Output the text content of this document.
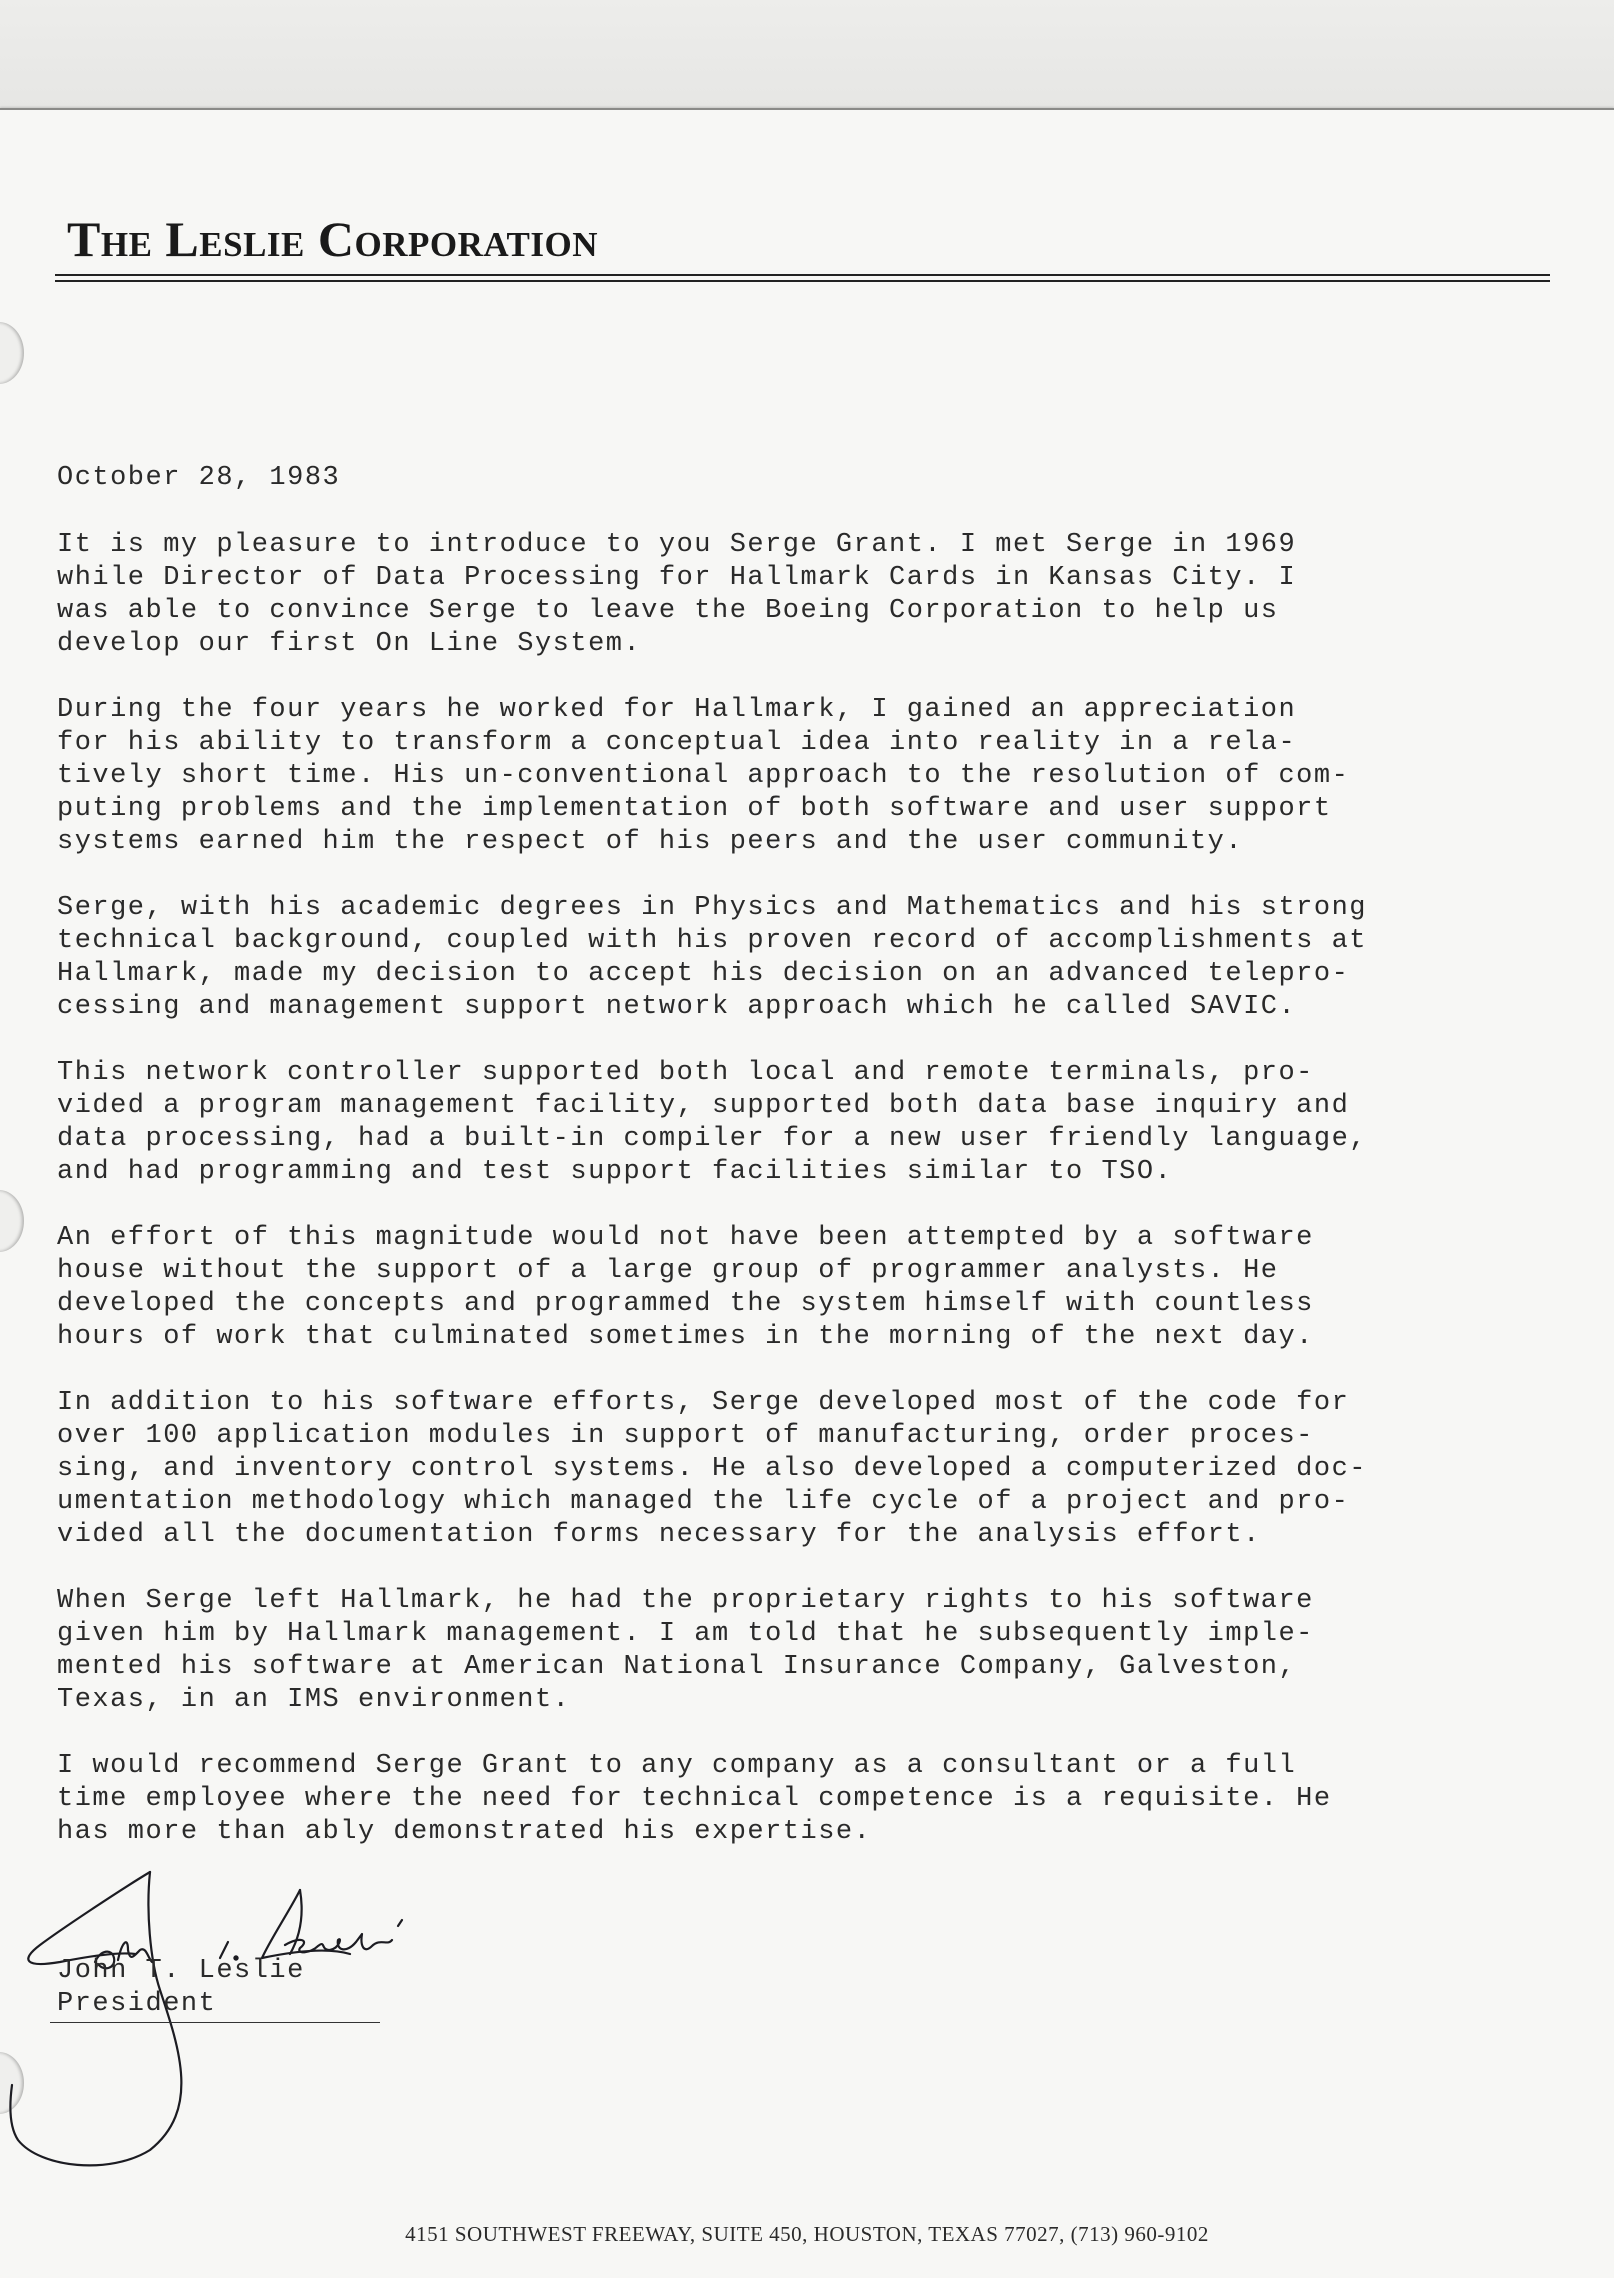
The Leslie Corporation

October 28, 1983

It is my pleasure to introduce to you Serge Grant. I met Serge in 1969
while Director of Data Processing for Hallmark Cards in Kansas City. I
was able to convince Serge to leave the Boeing Corporation to help us
develop our first On Line System.

During the four years he worked for Hallmark, I gained an appreciation
for his ability to transform a conceptual idea into reality in a rela-
tively short time. His un-conventional approach to the resolution of com-
puting problems and the implementation of both software and user support
systems earned him the respect of his peers and the user community.

Serge, with his academic degrees in Physics and Mathematics and his strong
technical background, coupled with his proven record of accomplishments at
Hallmark, made my decision to accept his decision on an advanced telepro-
cessing and management support network approach which he called SAVIC.

This network controller supported both local and remote terminals, pro-
vided a program management facility, supported both data base inquiry and
data processing, had a built-in compiler for a new user friendly language,
and had programming and test support facilities similar to TSO.

An effort of this magnitude would not have been attempted by a software
house without the support of a large group of programmer analysts. He
developed the concepts and programmed the system himself with countless
hours of work that culminated sometimes in the morning of the next day.

In addition to his software efforts, Serge developed most of the code for
over 100 application modules in support of manufacturing, order proces-
sing, and inventory control systems. He also developed a computerized doc-
umentation methodology which managed the life cycle of a project and pro-
vided all the documentation forms necessary for the analysis effort.

When Serge left Hallmark, he had the proprietary rights to his software
given him by Hallmark management. I am told that he subsequently imple-
mented his software at American National Insurance Company, Galveston,
Texas, in an IMS environment.

I would recommend Serge Grant to any company as a consultant or a full
time employee where the need for technical competence is a requisite. He
has more than ably demonstrated his expertise.

John T. Leslie
President
4151 SOUTHWEST FREEWAY, SUITE 450, HOUSTON, TEXAS 77027, (713) 960-9102
